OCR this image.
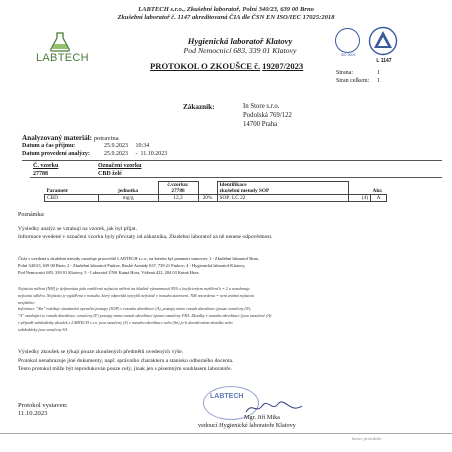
LABTECH s.r.o., Zkušební laboratoř, Polní 340/23, 639 00 Brno
Zkušební laboratoř č. 1147 akreditovaná ČIA dle ČSN EN ISO/IEC 17025:2018
LABTECH
Hygienická laboratoř Klatovy
Pod Nemocnicí 683, 339 01 Klatovy
PROTOKOL O ZKOUŠCE č. 19207/2023
ISO 9001
L 1147
Strana:	1
Stran celkem: 1
Zákazník:	In Store s.r.o.
Podolská 769/122
14700 Praha
Analyzovaný materiál: potravina
Datum a čas příjmu:	25.9.2023     10:34
Datum provedení analýzy: 25.9.2023     -  11.10.2023
Č. vzorku	Označení vzorku
27788	CBD želé
Parametr	jednotka	č.vzorku:		Identifikace		Akr.
		27788		zkušební metody SOP		
CBD	mg/g	12,3	20%	SOP: LC 22	(4)	A
Poznámka:
Výsledky analýz se vztahují na vzorek, jak byl přijat.
Informace uvedené v označení vzorku byly převzaty od zákazníka, Zkušební laboratoř za ně nenese odpovědnost.
Čísla v uvedená u zkušební metody označuje pracoviště LABTECH s.r.o., na kterém byl parametr stanoven: 1 - Zkušební laboratoř Brno,
Polní 340/23, 639 00 Brno; 2 - Zkušební laboratoř Paskov, Ruské Armády 637, 739 21 Paskov; 4 - Hygienická laboratoř Klatovy,
Pod Nemocnicí 683, 339 01 Klatovy, 5 - Laboratoř ÚNS Kutná Hora, Vítězná 422, 284 03 Kutná Hora.
Nejistota měření (NM) je definována jako rozšířená nejistota měření na hladině významnosti 95% s koeficientem rozšíření k = 2 a nezahrnuje
nejistotu odběru. Nejistota je vyjádřena v rozsahu, který odpovídá nejvyšší nejistotě v rozsahu stanovení. NM neuvedena = není známá nejistota
nezjištěno
Informace "Akr" rozlišuje standardní operační postupy (SOP) v rozsahu akreditace (A), postupy mimo rozsah akreditace (pouze označeny (N),
"A" vztahující se rozsah akreditace, označeny (F) postupy mimo rozsah akreditace (pouze označeny FRA. Zkoušky v rozsahu akreditace (jsou označené (A)
v případě subdodávky zkoušek s LABTECH s.r.o. jsou označeny (S) v rozsahu akreditace nebo (Sn) je-li akreditována zkouška nebo
subdodávky jsou označeny SA.
Výsledky zkoušek se týkají pouze zkoušených předmětů uvedených výše.
Protokol nenahrazuje jiné dokumenty, např. správního charakteru a stanisko odborného docenta.
Tento protokol může být reprodukován pouze celý, jinak jen s písemným souhlasem laboratoře.
LABTECH
Protokol vystaven:
11.10.2023
Mgr. Jiří Mika
vedoucí Hygienické laboratoře Klatovy
konec protokolu
